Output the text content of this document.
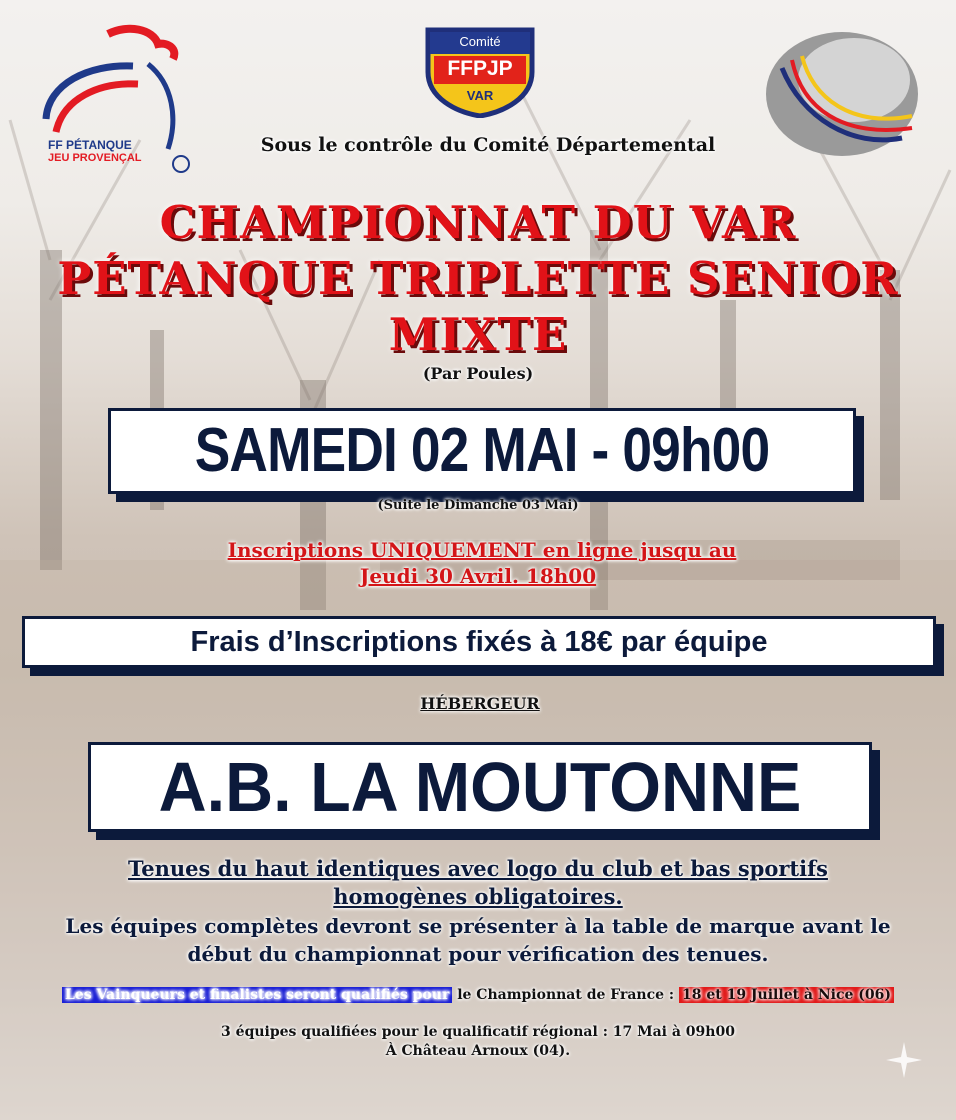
FF PÉTANQUE
JEU PROVENÇAL
Comité
FFPJP
VAR
Sous le contrôle du Comité Départemental
CHAMPIONNAT DU VAR
PÉTANQUE TRIPLETTE SENIOR
MIXTE
(Par Poules)
SAMEDI 02 MAI - 09h00
(Suite le Dimanche 03 Mai)
Inscriptions UNIQUEMENT en ligne jusqu au
Jeudi 30 Avril. 18h00
Frais d’Inscriptions fixés à 18€ par équipe
HÉBERGEUR
A.B. LA MOUTONNE
Tenues du haut identiques avec logo du club et bas sportifs
homogènes obligatoires.
Les équipes complètes devront se présenter à la table de marque avant le
début du championnat pour vérification des tenues.
Les Vainqueurs et finalistes seront qualifiés pour le Championnat de France : 18 et 19 Juillet à Nice (06)
3 équipes qualifiées pour le qualificatif régional : 17 Mai à 09h00
À Château Arnoux (04).
